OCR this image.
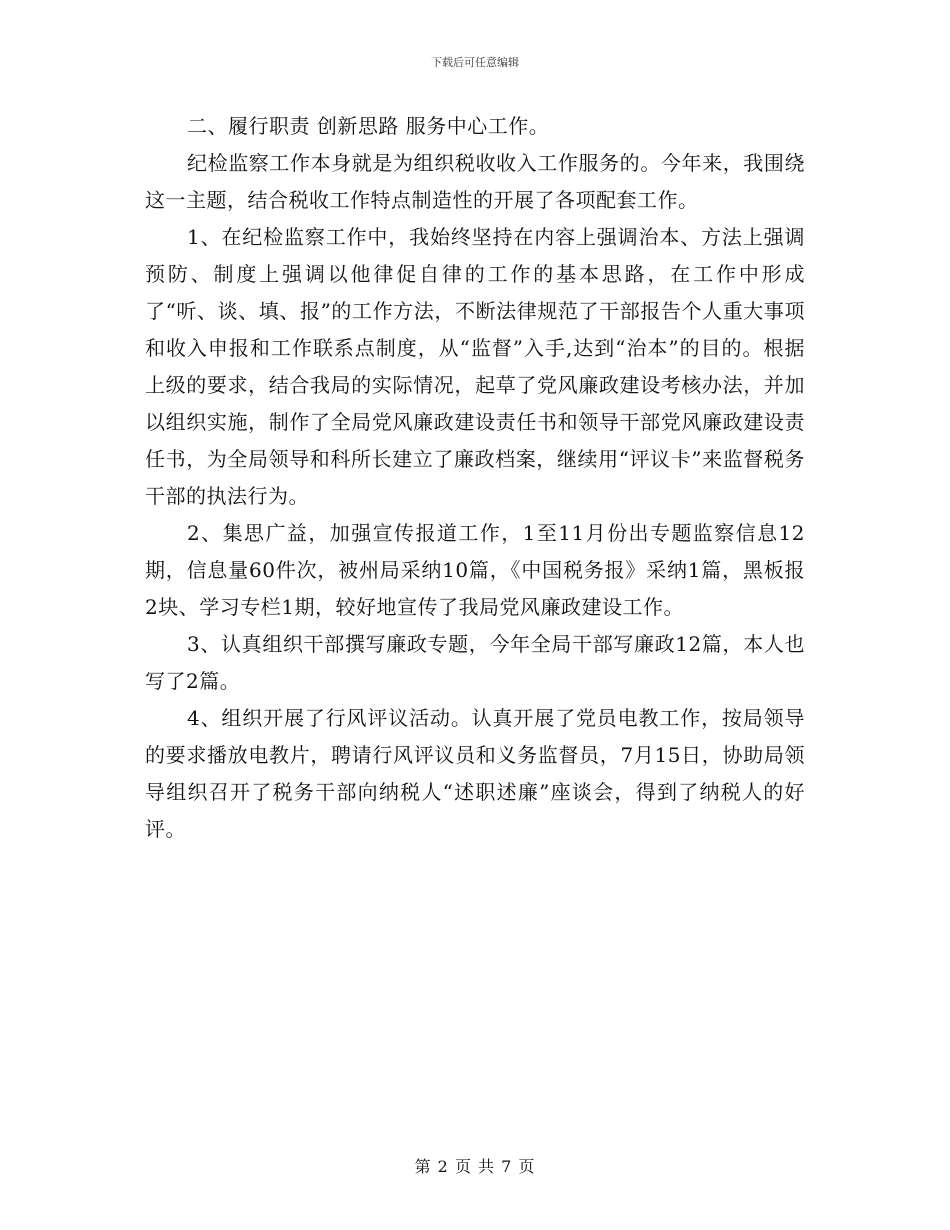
下载后可任意编辑

二、履行职责 创新思路 服务中心工作。

纪检监察工作本身就是为组织税收收入工作服务的。今年来，我围绕这一主题，结合税收工作特点制造性的开展了各项配套工作。

1、在纪检监察工作中，我始终坚持在内容上强调治本、方法上强调预防、制度上强调以他律促自律的工作的基本思路，在工作中形成了“听、谈、填、报”的工作方法，不断法律规范了干部报告个人重大事项和收入申报和工作联系点制度，从“监督”入手,达到“治本”的目的。根据上级的要求，结合我局的实际情况，起草了党风廉政建设考核办法，并加以组织实施，制作了全局党风廉政建设责任书和领导干部党风廉政建设责任书，为全局领导和科所长建立了廉政档案，继续用“评议卡”来监督税务干部的执法行为。

2、集思广益，加强宣传报道工作，1至11月份出专题监察信息12期，信息量60件次，被州局采纳10篇，《中国税务报》采纳1篇，黑板报2块、学习专栏1期，较好地宣传了我局党风廉政建设工作。

3、认真组织干部撰写廉政专题，今年全局干部写廉政12篇，本人也写了2篇。

4、组织开展了行风评议活动。认真开展了党员电教工作，按局领导的要求播放电教片，聘请行风评议员和义务监督员，7月15日，协助局领导组织召开了税务干部向纳税人“述职述廉”座谈会，得到了纳税人的好评。

第 2 页 共 7 页
